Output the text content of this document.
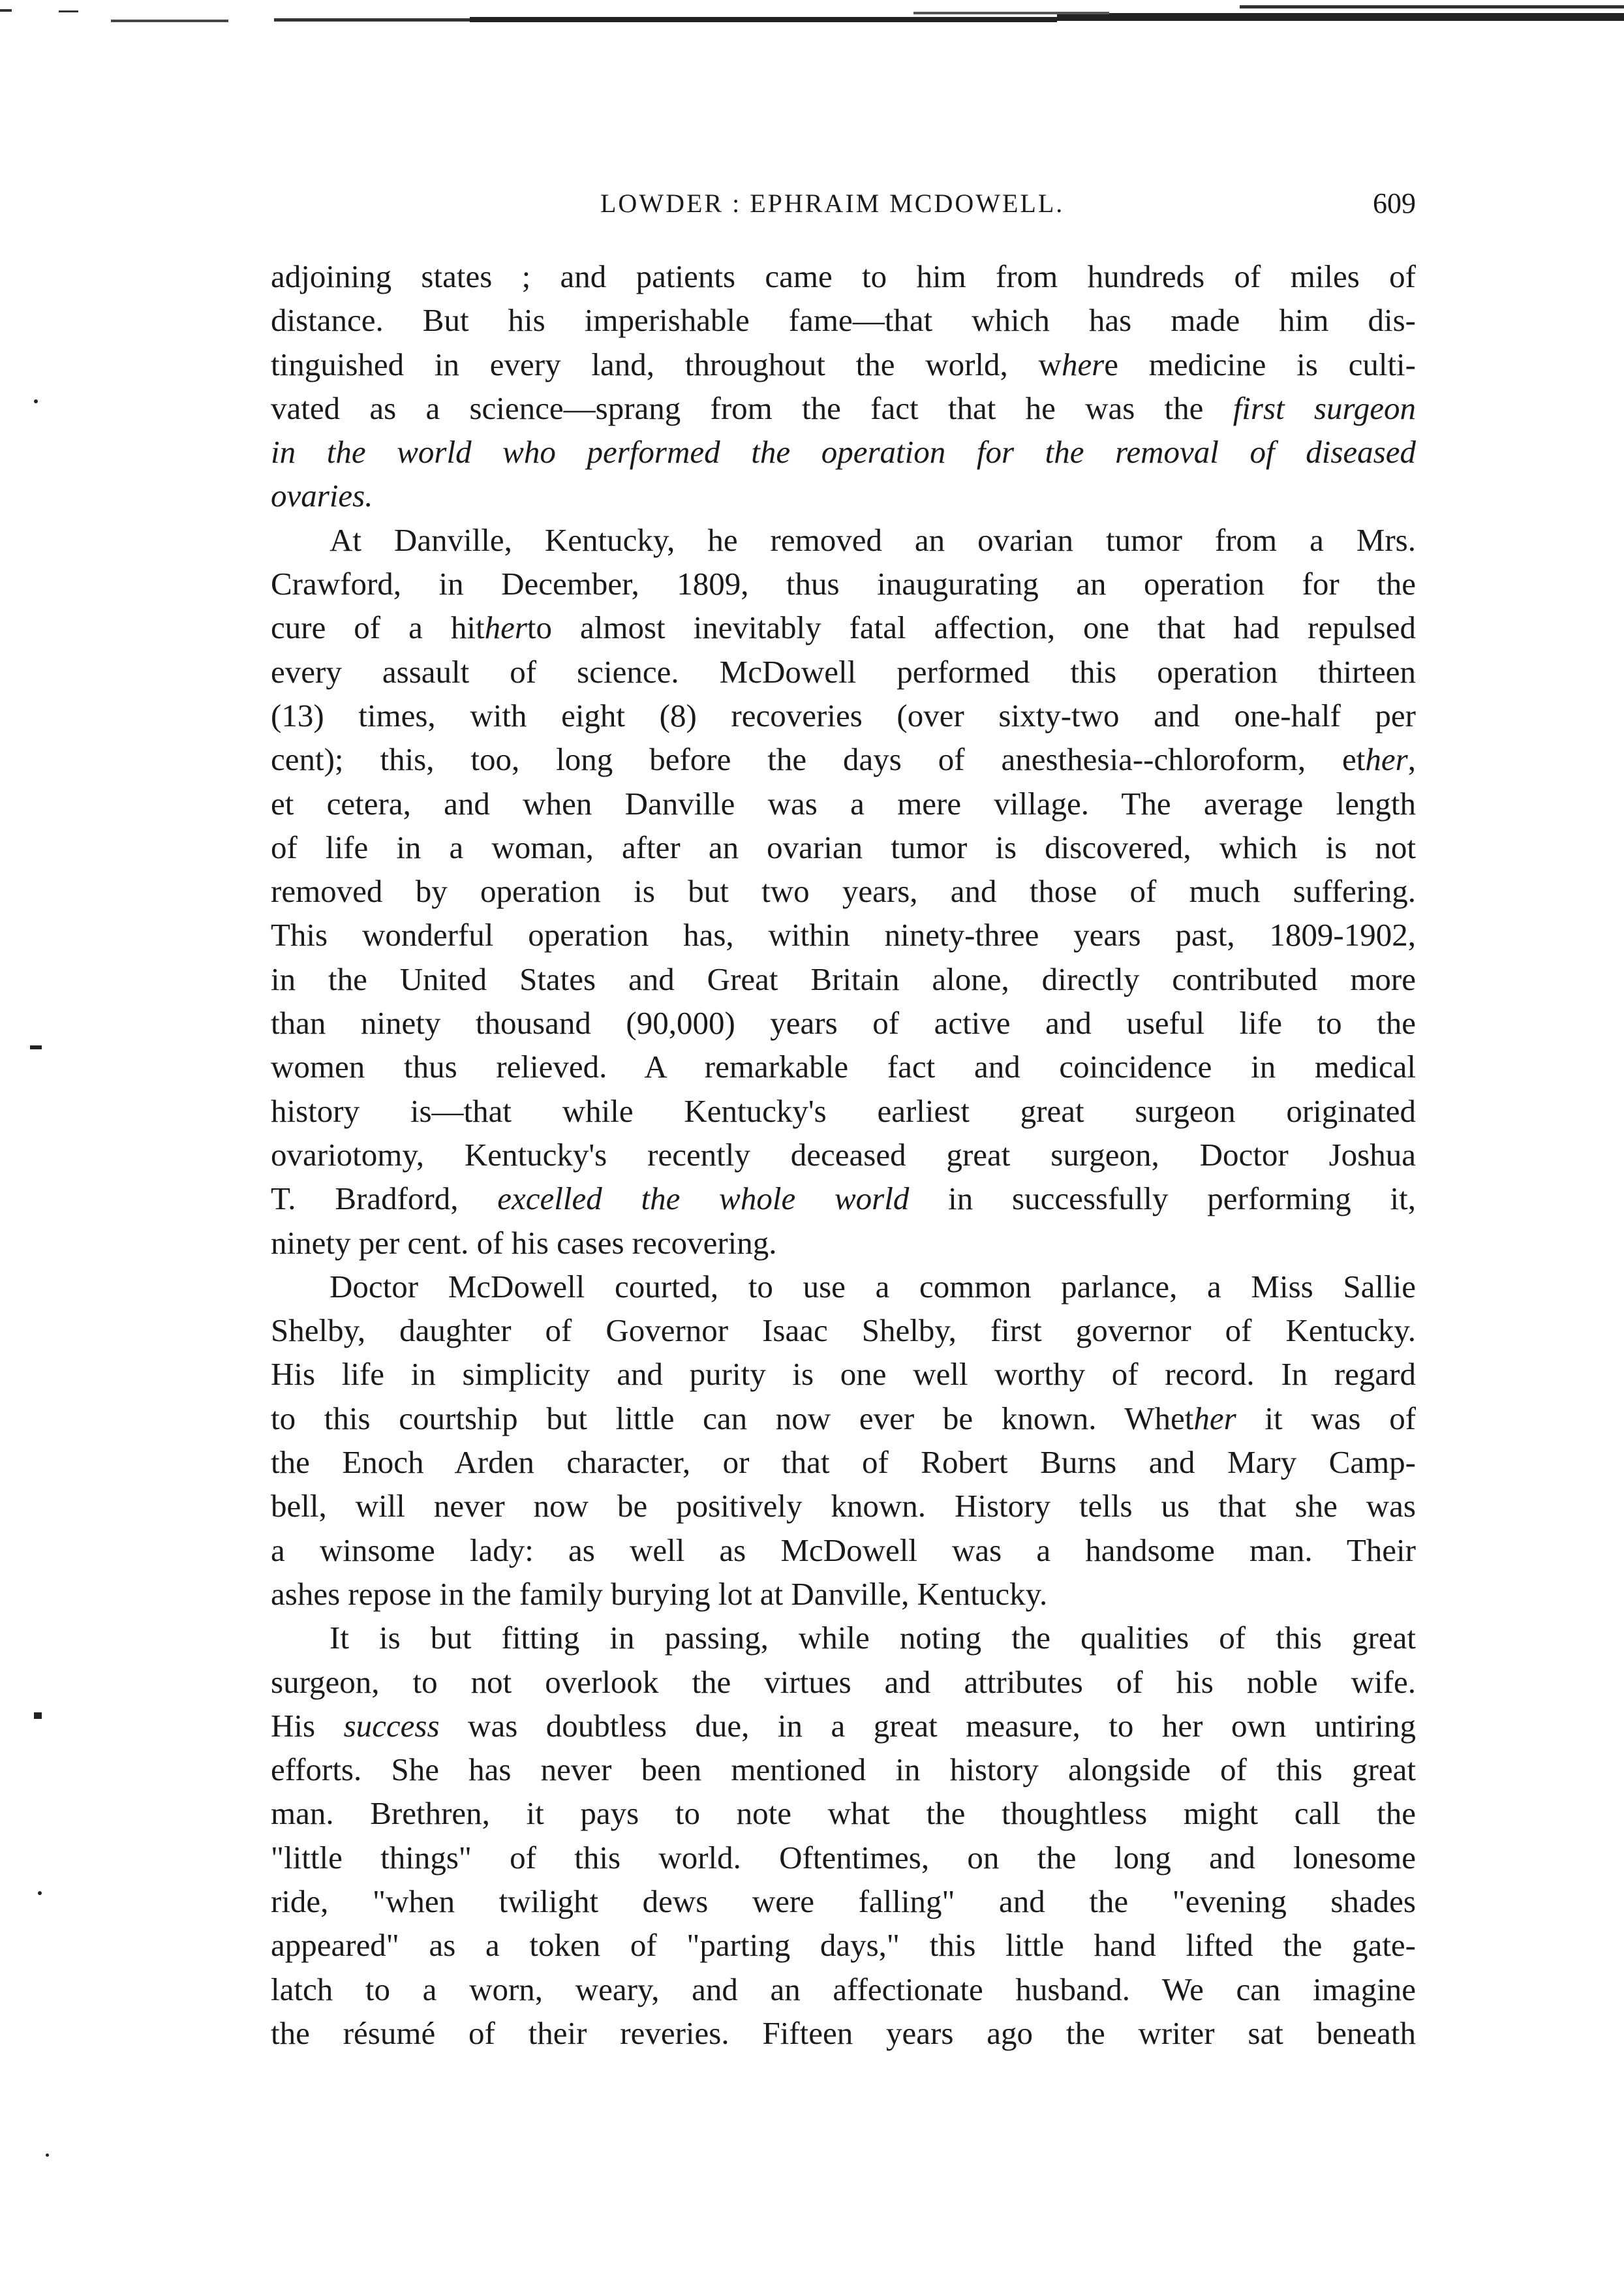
LOWDER : EPHRAIM MCDOWELL.	609
adjoining states ; and patients came to him from hundreds of miles of
distance. But his imperishable fame—that which has made him dis-
tinguished in every land, throughout the world, where medicine is culti-
vated as a science—sprang from the fact that he was the first surgeon
in the world who performed the operation for the removal of diseased
ovaries.
At Danville, Kentucky, he removed an ovarian tumor from a Mrs.
Crawford, in December, 1809, thus inaugurating an operation for the
cure of a hitherto almost inevitably fatal affection, one that had repulsed
every assault of science. McDowell performed this operation thirteen
(13) times, with eight (8) recoveries (over sixty-two and one-half per
cent); this, too, long before the days of anesthesia--chloroform, ether,
et cetera, and when Danville was a mere village. The average length
of life in a woman, after an ovarian tumor is discovered, which is not
removed by operation is but two years, and those of much suffering.
This wonderful operation has, within ninety-three years past, 1809-1902,
in the United States and Great Britain alone, directly contributed more
than ninety thousand (90,000) years of active and useful life to the
women thus relieved. A remarkable fact and coincidence in medical
history is—that while Kentucky's earliest great surgeon originated
ovariotomy, Kentucky's recently deceased great surgeon, Doctor Joshua
T. Bradford, excelled the whole world in successfully performing it,
ninety per cent. of his cases recovering.
Doctor McDowell courted, to use a common parlance, a Miss Sallie
Shelby, daughter of Governor Isaac Shelby, first governor of Kentucky.
His life in simplicity and purity is one well worthy of record. In regard
to this courtship but little can now ever be known. Whether it was of
the Enoch Arden character, or that of Robert Burns and Mary Camp-
bell, will never now be positively known. History tells us that she was
a winsome lady: as well as McDowell was a handsome man. Their
ashes repose in the family burying lot at Danville, Kentucky.
It is but fitting in passing, while noting the qualities of this great
surgeon, to not overlook the virtues and attributes of his noble wife.
His success was doubtless due, in a great measure, to her own untiring
efforts. She has never been mentioned in history alongside of this great
man. Brethren, it pays to note what the thoughtless might call the
"little things" of this world. Oftentimes, on the long and lonesome
ride, "when twilight dews were falling" and the "evening shades
appeared" as a token of "parting days," this little hand lifted the gate-
latch to a worn, weary, and an affectionate husband. We can imagine
the résumé of their reveries. Fifteen years ago the writer sat beneath
